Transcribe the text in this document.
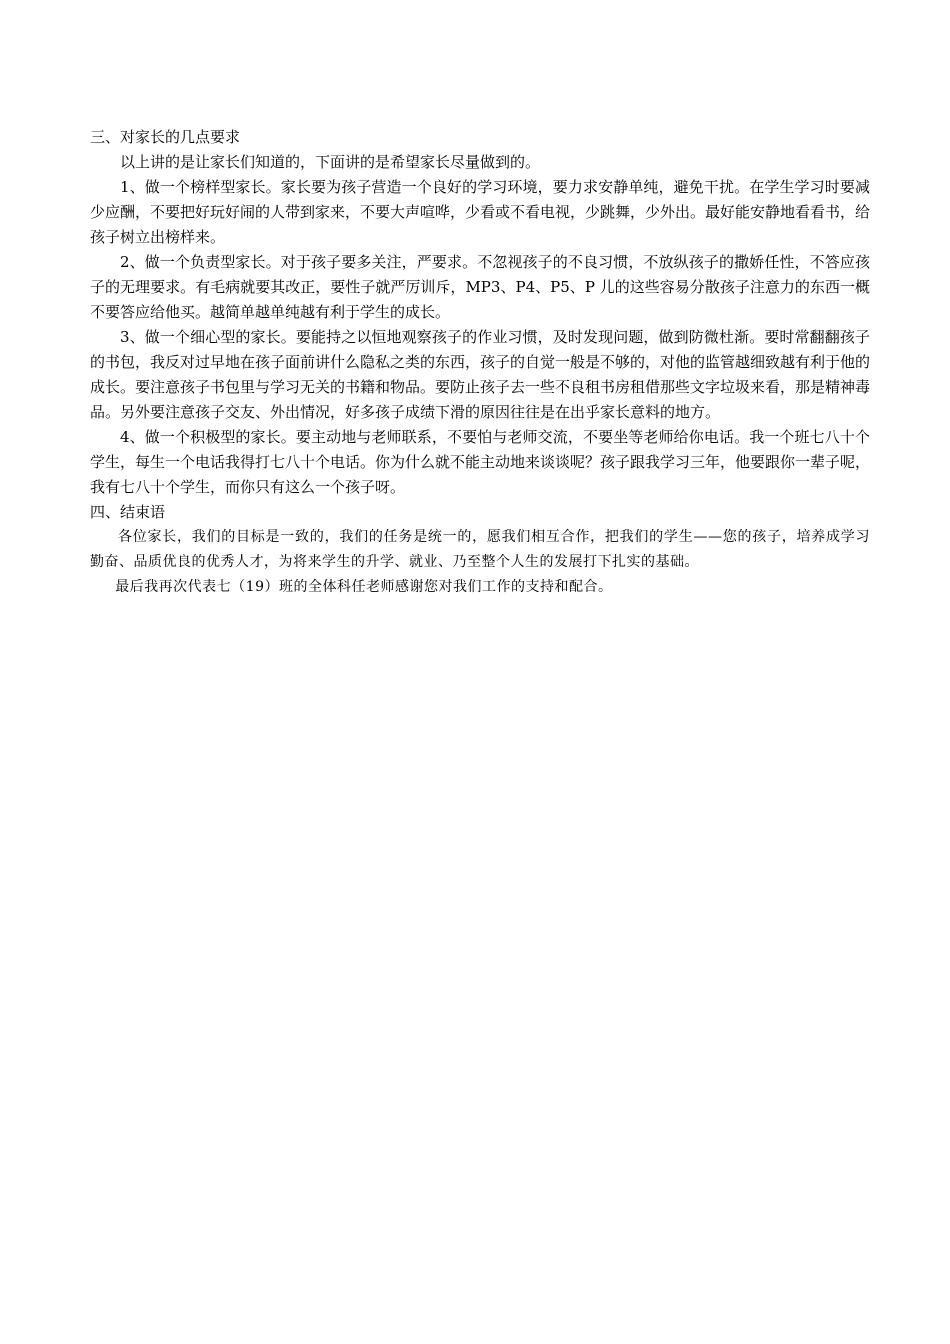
三、对家长的几点要求

以上讲的是让家长们知道的，下面讲的是希望家长尽量做到的。

1、做一个榜样型家长。家长要为孩子营造一个良好的学习环境，要力求安静单纯，避免干扰。在学生学习时要减少应酬，不要把好玩好闹的人带到家来，不要大声喧哗，少看或不看电视，少跳舞，少外出。最好能安静地看看书，给孩子树立出榜样来。

2、做一个负责型家长。对于孩子要多关注，严要求。不忽视孩子的不良习惯，不放纵孩子的撒娇任性，不答应孩子的无理要求。有毛病就要其改正，要性子就严厉训斥，MP3、P4、P5、P 儿的这些容易分散孩子注意力的东西一概不要答应给他买。越简单越单纯越有利于学生的成长。

3、做一个细心型的家长。要能持之以恒地观察孩子的作业习惯，及时发现问题，做到防微杜渐。要时常翻翻孩子的书包，我反对过早地在孩子面前讲什么隐私之类的东西，孩子的自觉一般是不够的，对他的监管越细致越有利于他的成长。要注意孩子书包里与学习无关的书籍和物品。要防止孩子去一些不良租书房租借那些文字垃圾来看，那是精神毒品。另外要注意孩子交友、外出情况，好多孩子成绩下滑的原因往往是在出乎家长意料的地方。

4、做一个积极型的家长。要主动地与老师联系，不要怕与老师交流，不要坐等老师给你电话。我一个班七八十个学生，每生一个电话我得打七八十个电话。你为什么就不能主动地来谈谈呢？孩子跟我学习三年，他要跟你一辈子呢，我有七八十个学生，而你只有这么一个孩子呀。

四、结束语

各位家长，我们的目标是一致的，我们的任务是统一的，愿我们相互合作，把我们的学生——您的孩子，培养成学习勤奋、品质优良的优秀人才，为将来学生的升学、就业、乃至整个人生的发展打下扎实的基础。

最后我再次代表七（19）班的全体科任老师感谢您对我们工作的支持和配合。
